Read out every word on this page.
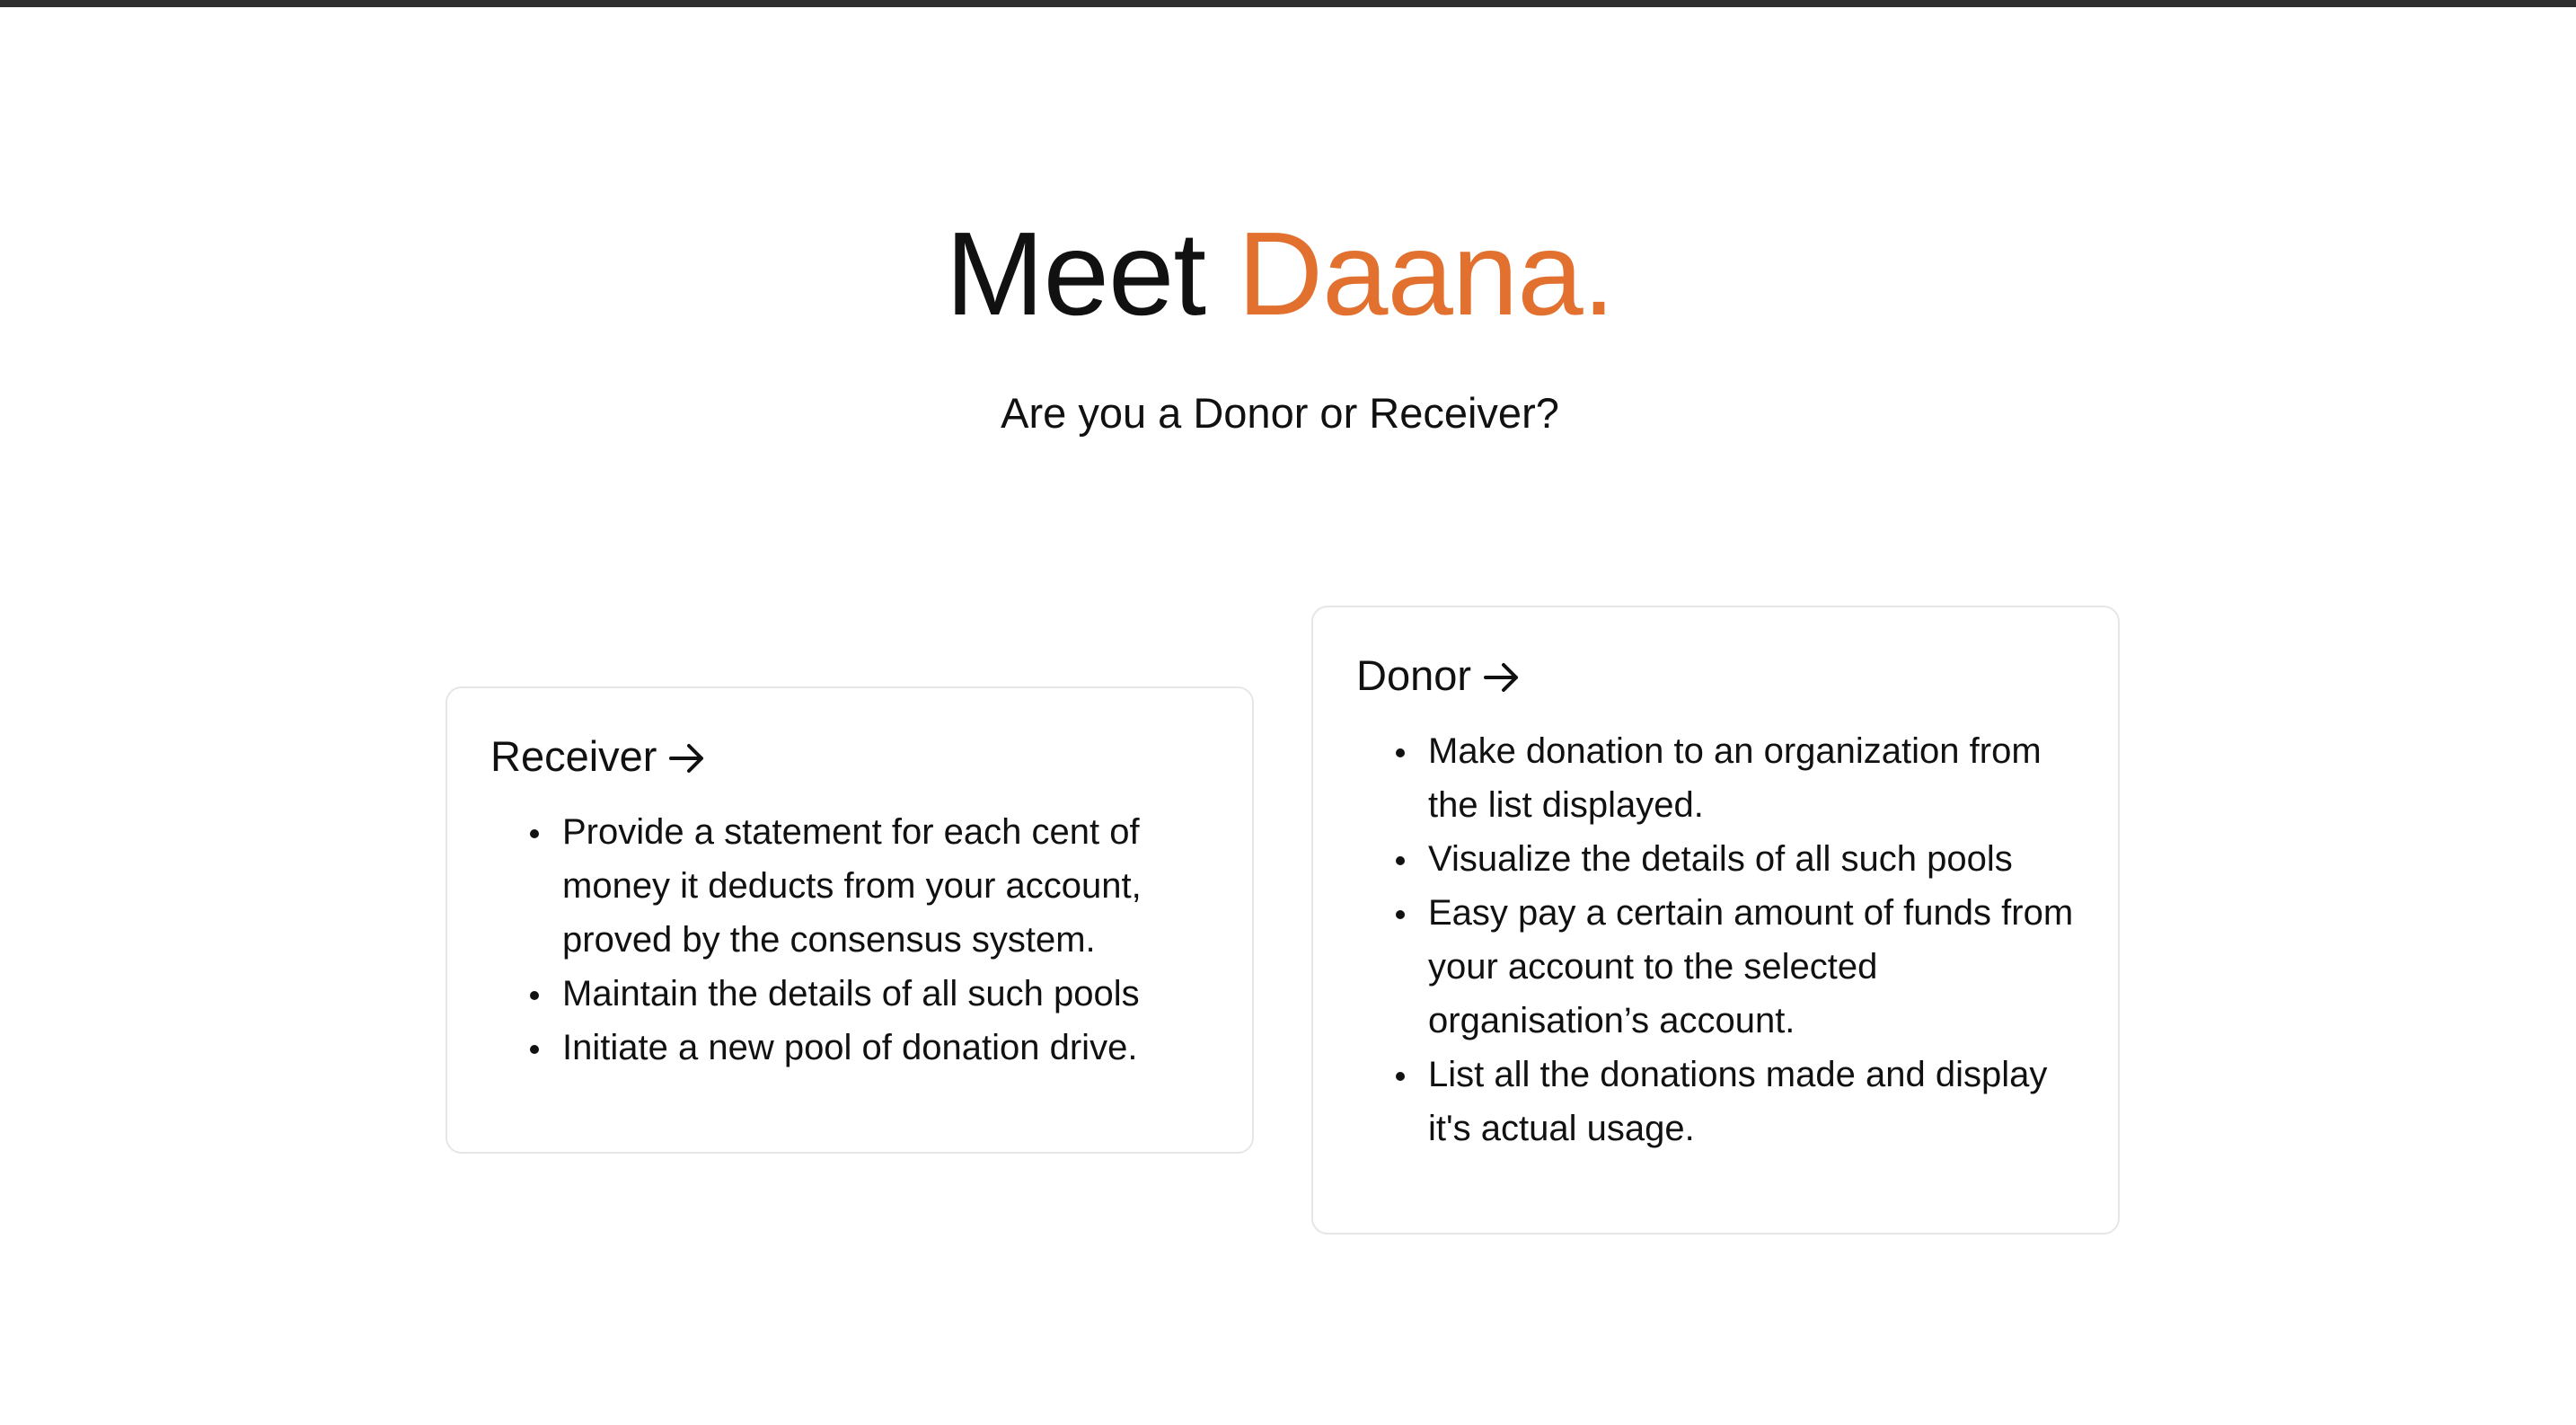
Meet Daana.

Are you a Donor or Receiver?

Receiver
Provide a statement for each cent of money it deducts from your account, proved by the consensus system.
Maintain the details of all such pools
Initiate a new pool of donation drive.
Donor
Make donation to an organization from the list displayed.
Visualize the details of all such pools
Easy pay a certain amount of funds from your account to the selected organisation’s account.
List all the donations made and display it's actual usage.
